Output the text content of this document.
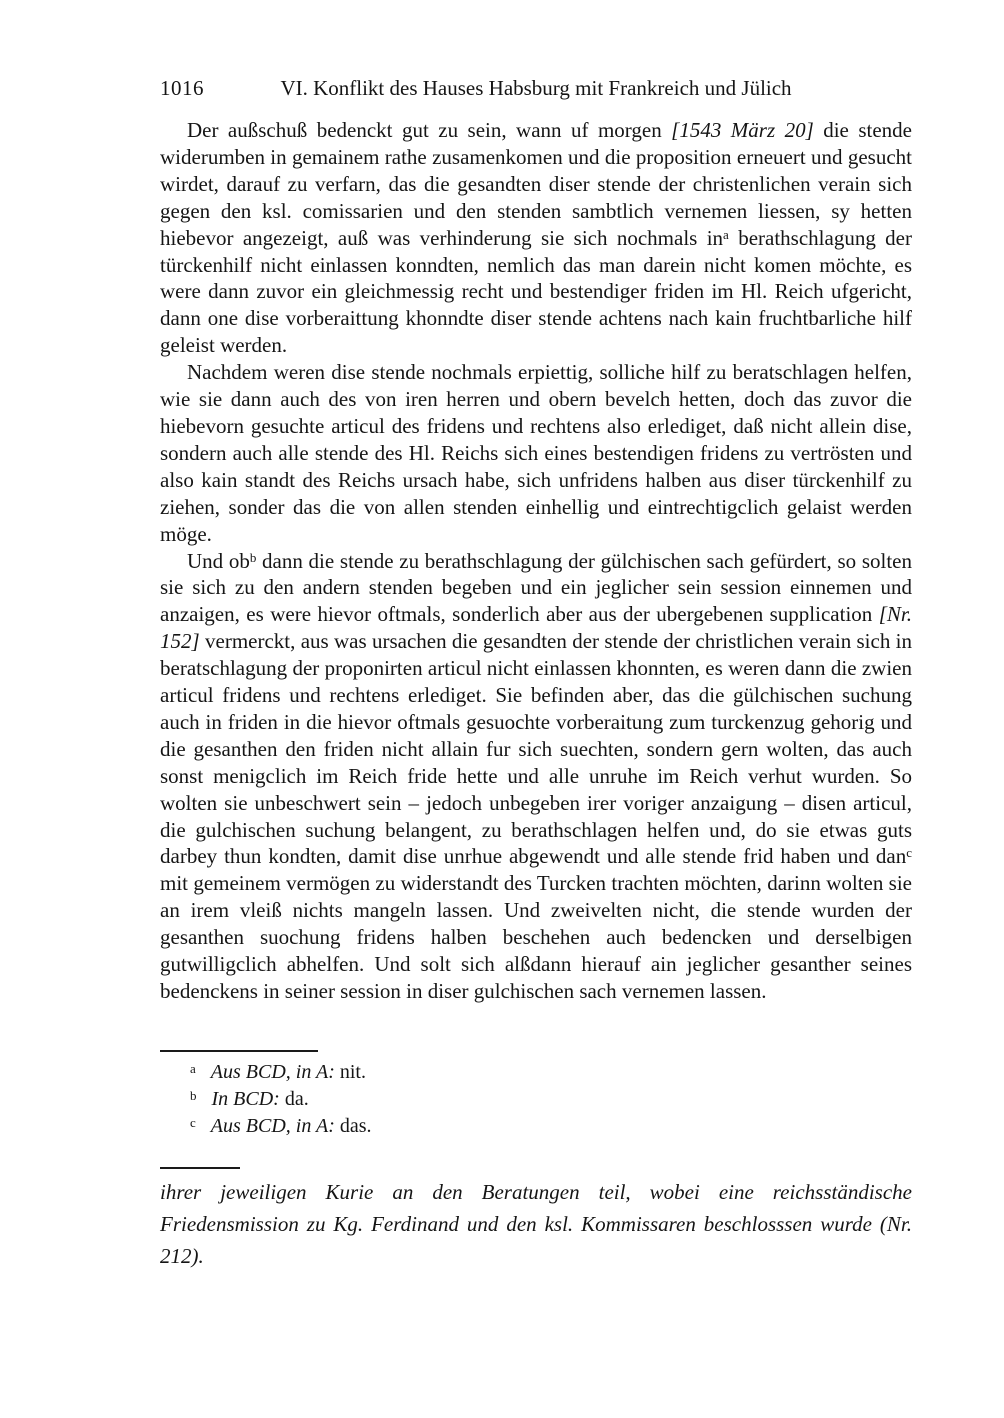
1016	VI. Konflikt des Hauses Habsburg mit Frankreich und Jülich

Der außschuß bedenckt gut zu sein, wann uf morgen [1543 März 20] die stende widerumben in gemainem rathe zusamenkomen und die proposition erneuert und gesucht wirdet, darauf zu verfarn, das die gesandten diser stende der christenlichen verain sich gegen den ksl. comissarien und den stenden sambtlich vernemen liessen, sy hetten hiebevor angezeigt, auß was verhinderung sie sich nochmals $in^a$ berathschlagung der türckenhilf nicht einlassen konndten, nemlich das man darein nicht komen möchte, es were dann zuvor ein gleichmessig recht und bestendiger friden im Hl. Reich ufgericht, dann one dise vorberaittung khonndte diser stende achtens nach kain fruchtbarliche hilf geleist werden.

Nachdem weren dise stende nochmals erpiettig, solliche hilf zu beratschlagen helfen, wie sie dann auch des von iren herren und obern bevelch hetten, doch das zuvor die hiebevorn gesuchte articul des fridens und rechtens also erlediget, daß nicht allein dise, sondern auch alle stende des Hl. Reichs sich eines bestendigen fridens zu vertrösten und also kain standt des Reichs ursach habe, sich unfridens halben aus diser türckenhilf zu ziehen, sonder das die von allen stenden einhellig und eintrechtigclich gelaist werden möge.

Und $ob^b$ dann die stende zu berathschlagung der gülchischen sach gefürdert, so solten sie sich zu den andern stenden begeben und ein jeglicher sein session einnemen und anzaigen, es were hievor oftmals, sonderlich aber aus der ubergebenen supplication [Nr. 152] vermerckt, aus was ursachen die gesandten der stende der christlichen verain sich in beratschlagung der proponirten articul nicht einlassen khonnten, es weren dann die zwien articul fridens und rechtens erlediget. Sie befinden aber, das die gülchischen suchung auch in friden in die hievor oftmals gesuochte vorberaitung zum turckenzug gehorig und die gesanthen den friden nicht allain fur sich suechten, sondern gern wolten, das auch sonst menigclich im Reich fride hette und alle unruhe im Reich verhut wurden. So wolten sie unbeschwert sein – jedoch unbegeben irer voriger anzaigung – disen articul, die gulchischen suchung belangent, zu berathschlagen helfen und, do sie etwas guts darbey thun kondten, damit dise unrhue abgewendt und alle stende frid haben und dan$^c$ mit gemeinem vermögen zu widerstandt des Turcken trachten möchten, darinn wolten sie an irem vleiß nichts mangeln lassen. Und zweivelten nicht, die stende wurden der gesanthen suochung fridens halben beschehen auch bedencken und derselbigen gutwilligclich abhelfen. Und solt sich alßdann hierauf ain jeglicher gesanther seines bedenckens in seiner session in diser gulchischen sach vernemen lassen.

$^a$ Aus BCD, in A: nit.
$^b$ In BCD: da.
$^c$ Aus BCD, in A: das.

ihrer jeweiligen Kurie an den Beratungen teil, wobei eine reichsständische Friedensmission zu Kg. Ferdinand und den ksl. Kommissaren beschlosssen wurde (Nr. 212).
